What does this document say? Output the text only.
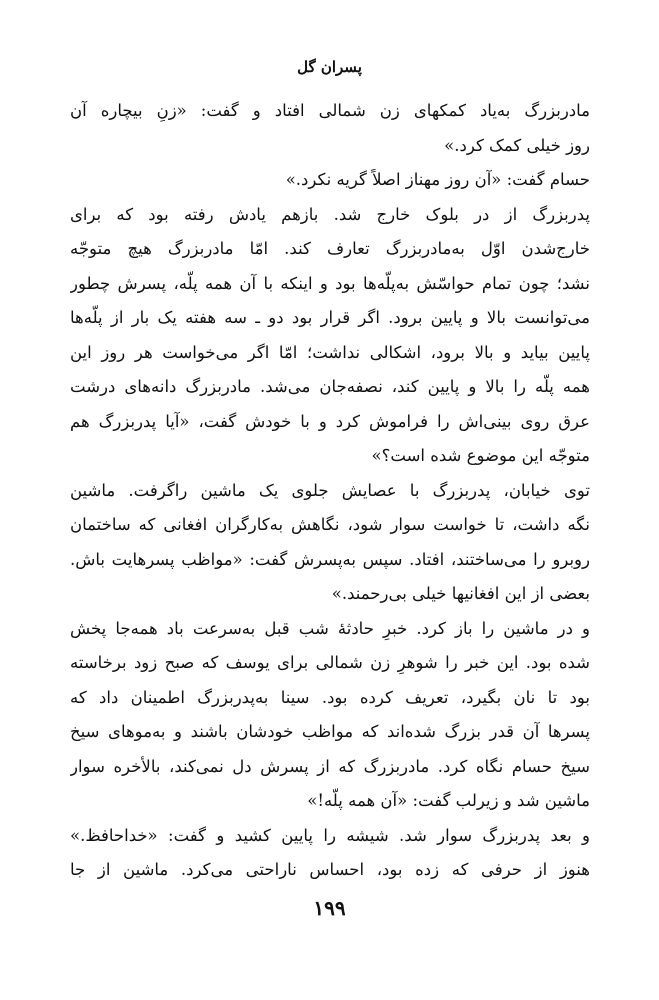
پسران گل
مادربزرگ به‌یاد کمکهای زن شمالی افتاد و گفت: «زنِ بیچاره آن
روز خیلی کمک کرد.»
حسام گفت: «آن روز مهناز اصلاً گریه نکرد.»
پدربزرگ از در بلوک خارج شد. بازهم یادش رفته بود که برای
خارج‌شدن اوّل به‌مادربزرگ تعارف کند. امّا مادربزرگ هیچ متوجّه
نشد؛ چون تمام حواسّش به‌پلّه‌ها بود و اینکه با آن همه پلّه، پسرش چطور
می‌توانست بالا و پایین برود. اگر قرار بود دو ـ سه هفته یک بار از پلّه‌ها
پایین بیاید و بالا برود، اشکالی نداشت؛ امّا اگر می‌خواست هر روز این
همه پلّه را بالا و پایین کند، نصفه‌جان می‌شد. مادربزرگ دانه‌های درشت
عرق روی بینی‌اش را فراموش کرد و با خودش گفت، «آیا پدربزرگ هم
متوجّه این موضوع شده است؟»
توی خیابان، پدربزرگ با عصایش جلوی یک ماشین راگرفت. ماشین
نگه داشت، تا خواست سوار شود، نگاهش به‌کارگران افغانی که ساختمان
روبرو را می‌ساختند، افتاد. سپس به‌پسرش گفت: «مواظب پسرهایت باش.
بعضی از این افغانیها خیلی بی‌رحمند.»
و در ماشین را باز کرد. خبرِ حادثهٔ شب قبل به‌سرعت باد همه‌جا پخش
شده بود. این خبر را شوهرِ زن شمالی برای یوسف که صبح زود برخاسته
بود تا نان بگیرد، تعریف کرده بود. سینا به‌پدربزرگ اطمینان داد که
پسرها آن قدر بزرگ شده‌اند که مواظب خودشان باشند و به‌موهای سیخ
سیخ حسام نگاه کرد. مادربزرگ که از پسرش دل نمی‌کند، بالأخره سوار
ماشین شد و زیرلب گفت: «آن همه پلّه!»
و بعد پدربزرگ سوار شد. شیشه را پایین کشید و گفت: «خداحافظ.»
هنوز از حرفی که زده بود، احساس ناراحتی می‌کرد. ماشین از جا
۱۹۹
